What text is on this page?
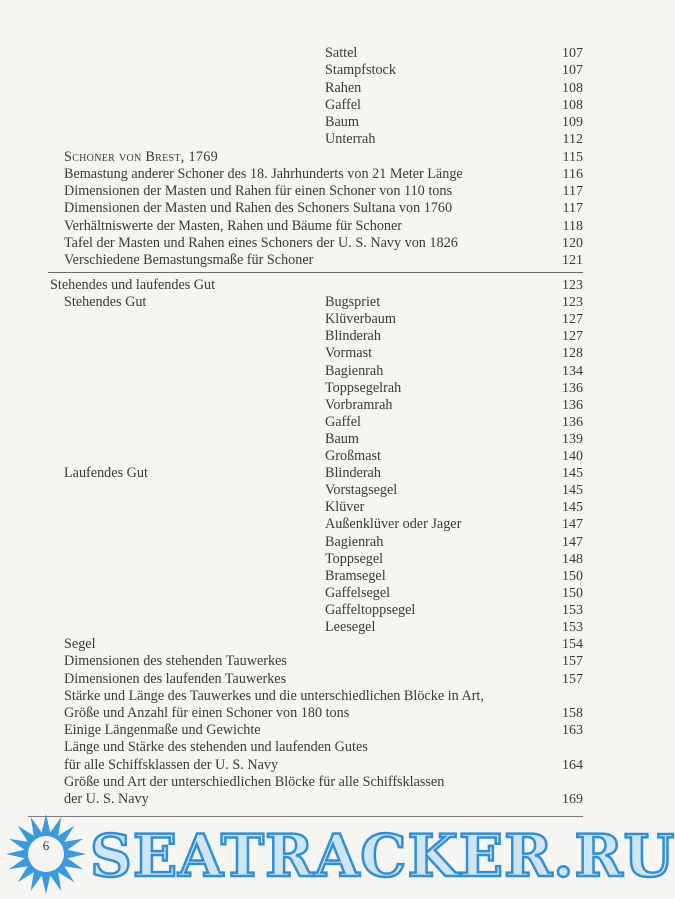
Sattel	107
Stampfstock	107
Rahen	108
Gaffel	108
Baum	109
Unterrah	112
Schoner von Brest, 1769	115
Bemastung anderer Schoner des 18. Jahrhunderts von 21 Meter Länge	116
Dimensionen der Masten und Rahen für einen Schoner von 110 tons	117
Dimensionen der Masten und Rahen des Schoners Sultana von 1760	117
Verhältniswerte der Masten, Rahen und Bäume für Schoner	118
Tafel der Masten und Rahen eines Schoners der U. S. Navy von 1826	120
Verschiedene Bemastungsmaße für Schoner	121
Stehendes und laufendes Gut	123
Stehendes Gut	Bugspriet	123
Klüverbaum	127
Blinderah	127
Vormast	128
Bagienrah	134
Toppsegelrah	136
Vorbramrah	136
Gaffel	136
Baum	139
Großmast	140
Laufendes Gut	Blinderah	145
Vorstagsegel	145
Klüver	145
Außenklüver oder Jager	147
Bagienrah	147
Toppsegel	148
Bramsegel	150
Gaffelsegel	150
Gaffeltoppsegel	153
Leesegel	153
Segel	154
Dimensionen des stehenden Tauwerkes	157
Dimensionen des laufenden Tauwerkes	157
Stärke und Länge des Tauwerkes und die unterschiedlichen Blöcke in Art,
Größe und Anzahl für einen Schoner von 180 tons	158
Einige Längenmaße und Gewichte	163
Länge und Stärke des stehenden und laufenden Gutes
für alle Schiffsklassen der U. S. Navy	164
Größe und Art der unterschiedlichen Blöcke für alle Schiffsklassen
der U. S. Navy	169
6 SEATRACKER.RU
